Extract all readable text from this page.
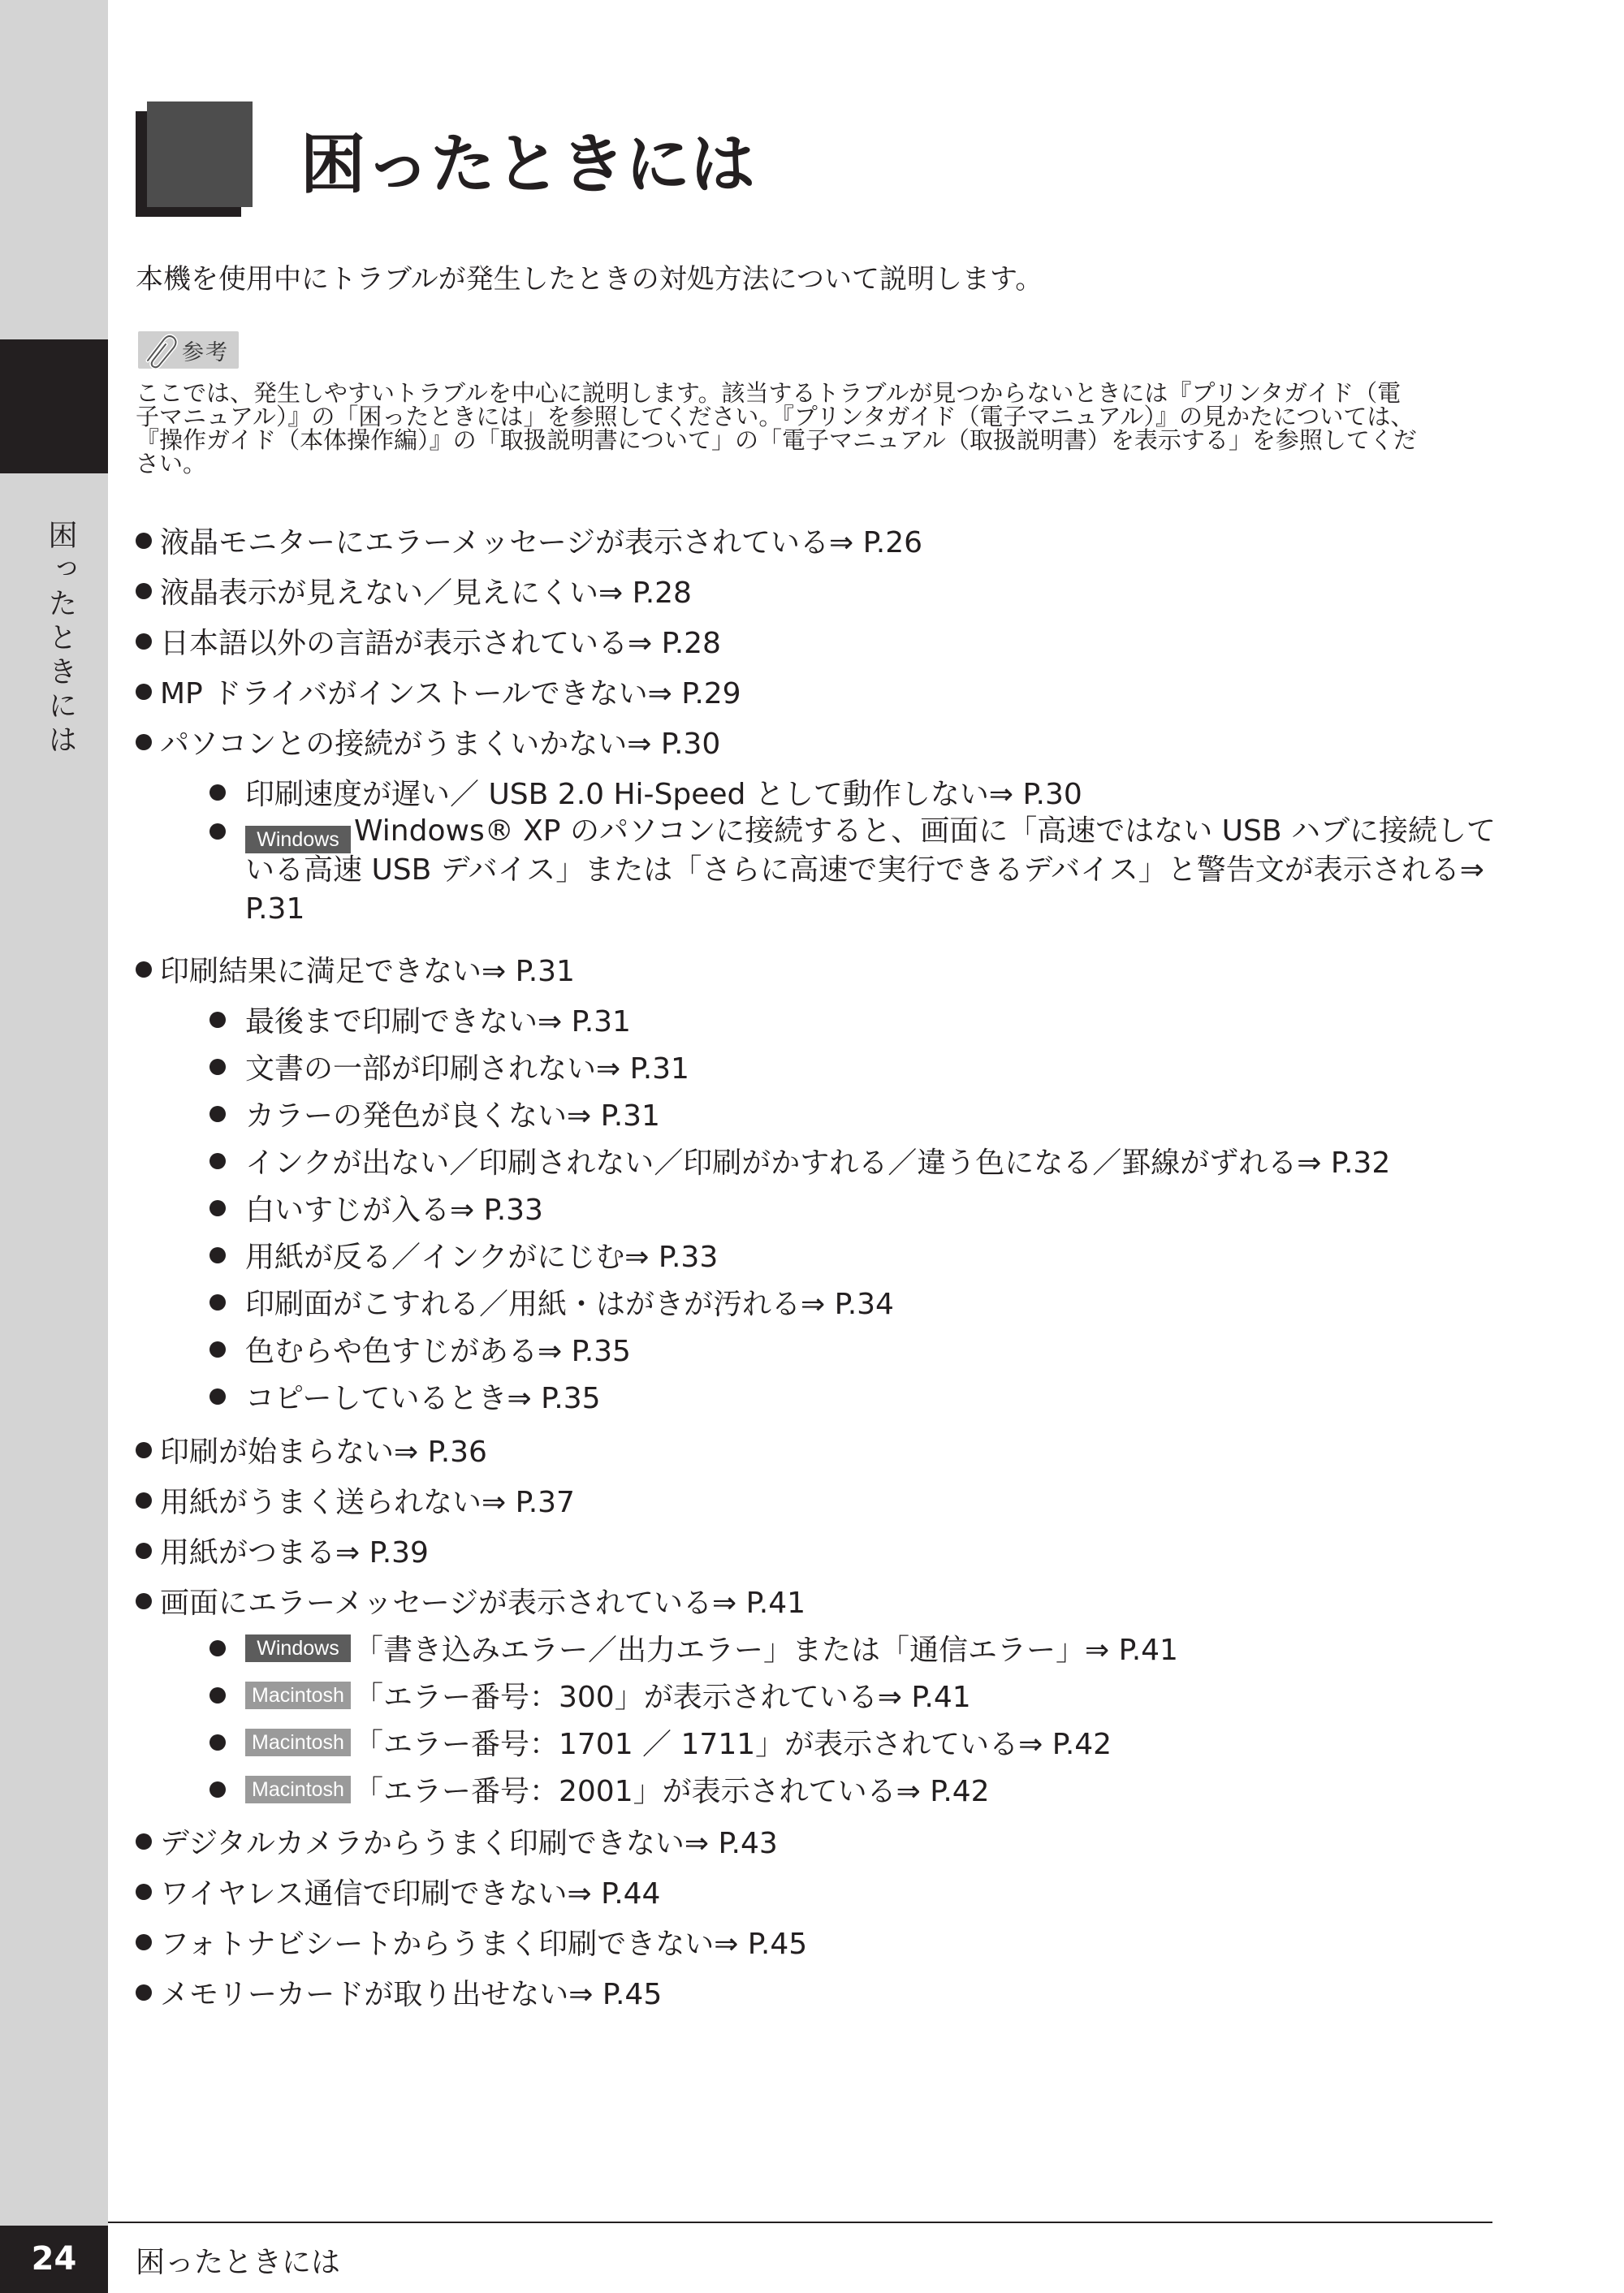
困ったときには
困ったときには
本機を使用中にトラブルが発生したときの対処方法について説明します。
参考
ここでは、発生しやすいトラブルを中心に説明します。該当するトラブルが見つからないときには『プリンタガイド（電
子マニュアル）』の「困ったときには」を参照してください。『プリンタガイド（電子マニュアル）』の見かたについては、
『操作ガイド（本体操作編）』の「取扱説明書について」の「電子マニュアル（取扱説明書）を表示する」を参照してくだ
さい。
液晶モニターにエラーメッセージが表示されている⇒ P.26
液晶表示が見えない／見えにくい⇒ P.28
日本語以外の言語が表示されている⇒ P.28
MP ドライバがインストールできない⇒ P.29
パソコンとの接続がうまくいかない⇒ P.30
印刷速度が遅い／ USB 2.0 Hi-Speed として動作しない⇒ P.30
Windows Windows® XP のパソコンに接続すると、画面に「高速ではない USB ハブに接続している高速 USB デバイス」または「さらに高速で実行できるデバイス」と警告文が表示される⇒ P.31
印刷結果に満足できない⇒ P.31
最後まで印刷できない⇒ P.31
文書の一部が印刷されない⇒ P.31
カラーの発色が良くない⇒ P.31
インクが出ない／印刷されない／印刷がかすれる／違う色になる／罫線がずれる⇒ P.32
白いすじが入る⇒ P.33
用紙が反る／インクがにじむ⇒ P.33
印刷面がこすれる／用紙・はがきが汚れる⇒ P.34
色むらや色すじがある⇒ P.35
コピーしているとき⇒ P.35
印刷が始まらない⇒ P.36
用紙がうまく送られない⇒ P.37
用紙がつまる⇒ P.39
画面にエラーメッセージが表示されている⇒ P.41
Windows 「書き込みエラー／出力エラー」または「通信エラー」⇒ P.41
Macintosh 「エラー番号：300」が表示されている⇒ P.41
Macintosh 「エラー番号：1701 ／ 1711」が表示されている⇒ P.42
Macintosh 「エラー番号：2001」が表示されている⇒ P.42
デジタルカメラからうまく印刷できない⇒ P.43
ワイヤレス通信で印刷できない⇒ P.44
フォトナビシートからうまく印刷できない⇒ P.45
メモリーカードが取り出せない⇒ P.45
24	困ったときには
